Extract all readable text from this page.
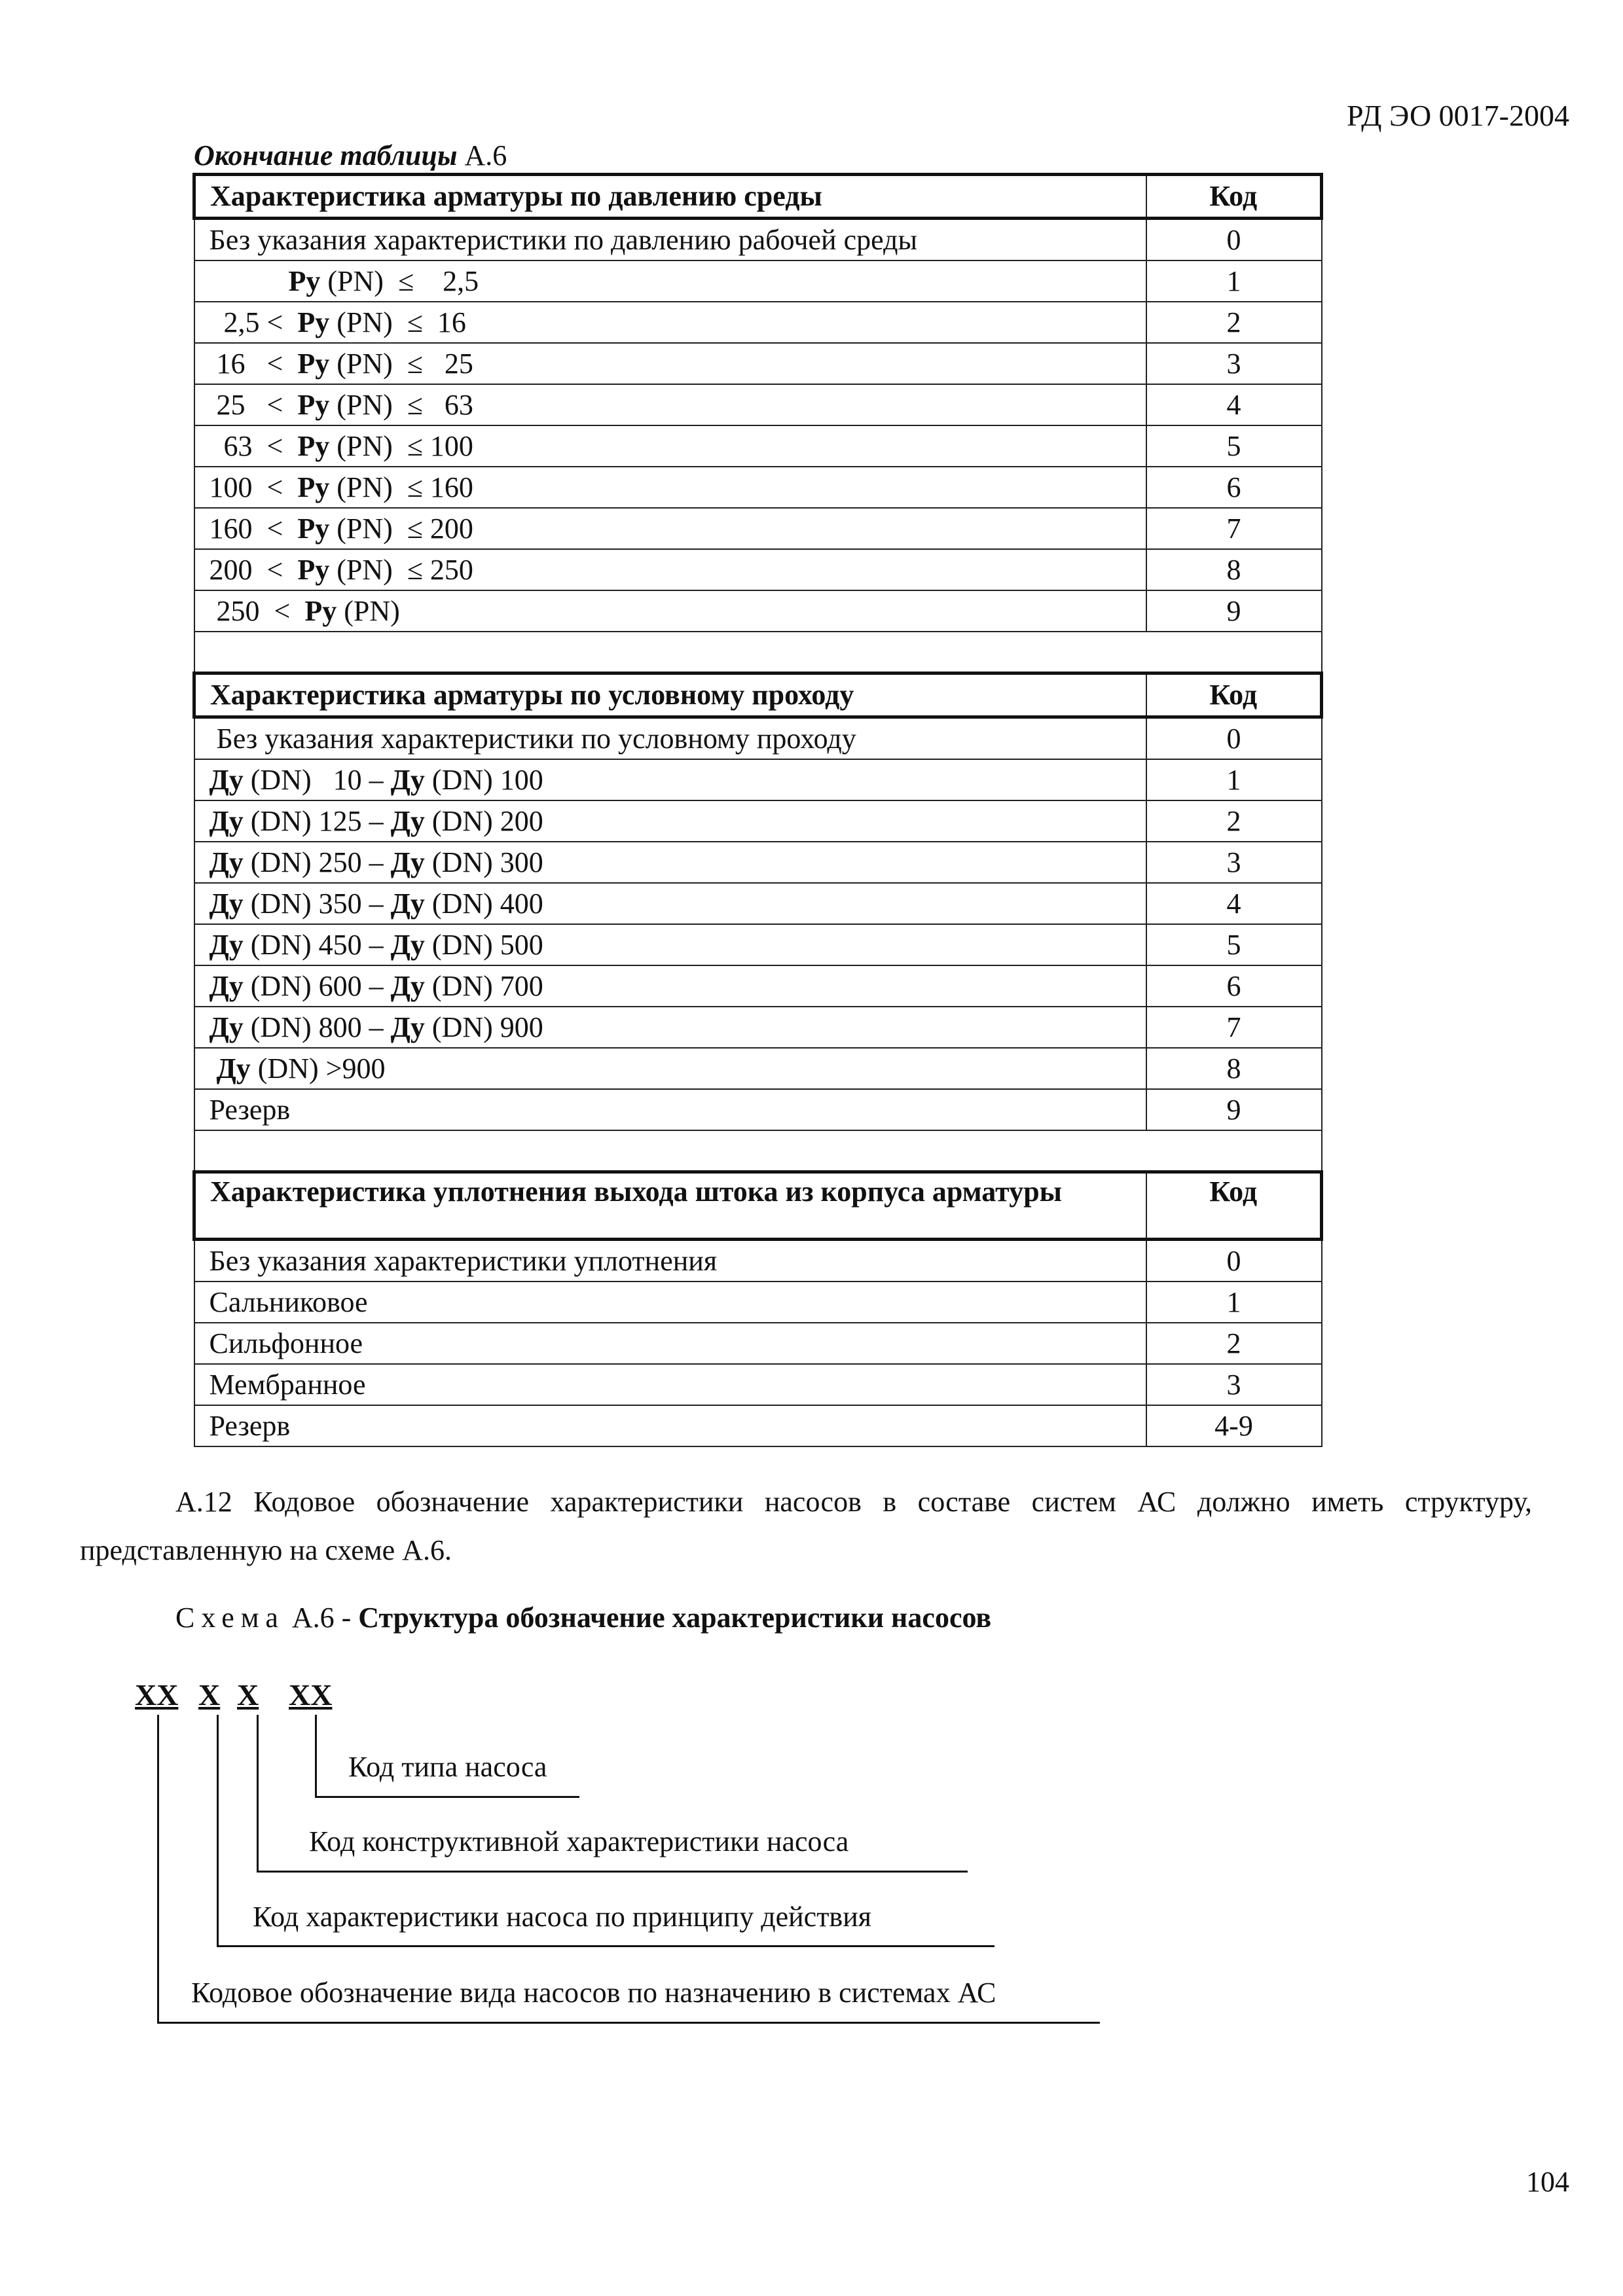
РД ЭО 0017-2004
Окончание таблицы А.6
Характеристика арматуры по давлению среды	Код
Без указания характеристики по давлению рабочей среды	0
Ру (PN)  ≤    2,5	1
2,5 <  Ру (PN)  ≤  16	2
16   <  Ру (PN)  ≤   25	3
25   <  Ру (PN)  ≤   63	4
63  <  Ру (PN)  ≤ 100	5
100  <  Ру (PN)  ≤ 160	6
160  <  Ру (PN)  ≤ 200	7
200  <  Ру (PN)  ≤ 250	8
250  <  Ру (PN)	9

Характеристика арматуры по условному проходу	Код
Без указания характеристики по условному проходу	0
Ду (DN)   10 – Ду (DN) 100	1
Ду (DN) 125 – Ду (DN) 200	2
Ду (DN) 250 – Ду (DN) 300	3
Ду (DN) 350 – Ду (DN) 400	4
Ду (DN) 450 – Ду (DN) 500	5
Ду (DN) 600 – Ду (DN) 700	6
Ду (DN) 800 – Ду (DN) 900	7
Ду (DN) >900	8
Резерв	9

Характеристика уплотнения выхода штока из корпуса арматуры	Код
Без указания характеристики уплотнения	0
Сальниковое	1
Сильфонное	2
Мембранное	3
Резерв	4-9

А.12 Кодовое обозначение характеристики насосов в составе систем АС должно иметь структуру, представленную на схеме А.6.

Схема А.6 - Структура обозначение характеристики насосов
ХХ Х Х ХХ
Код типа насоса
Код конструктивной характеристики насоса
Код характеристики насоса по принципу действия
Кодовое обозначение вида насосов по назначению в системах АС
104
